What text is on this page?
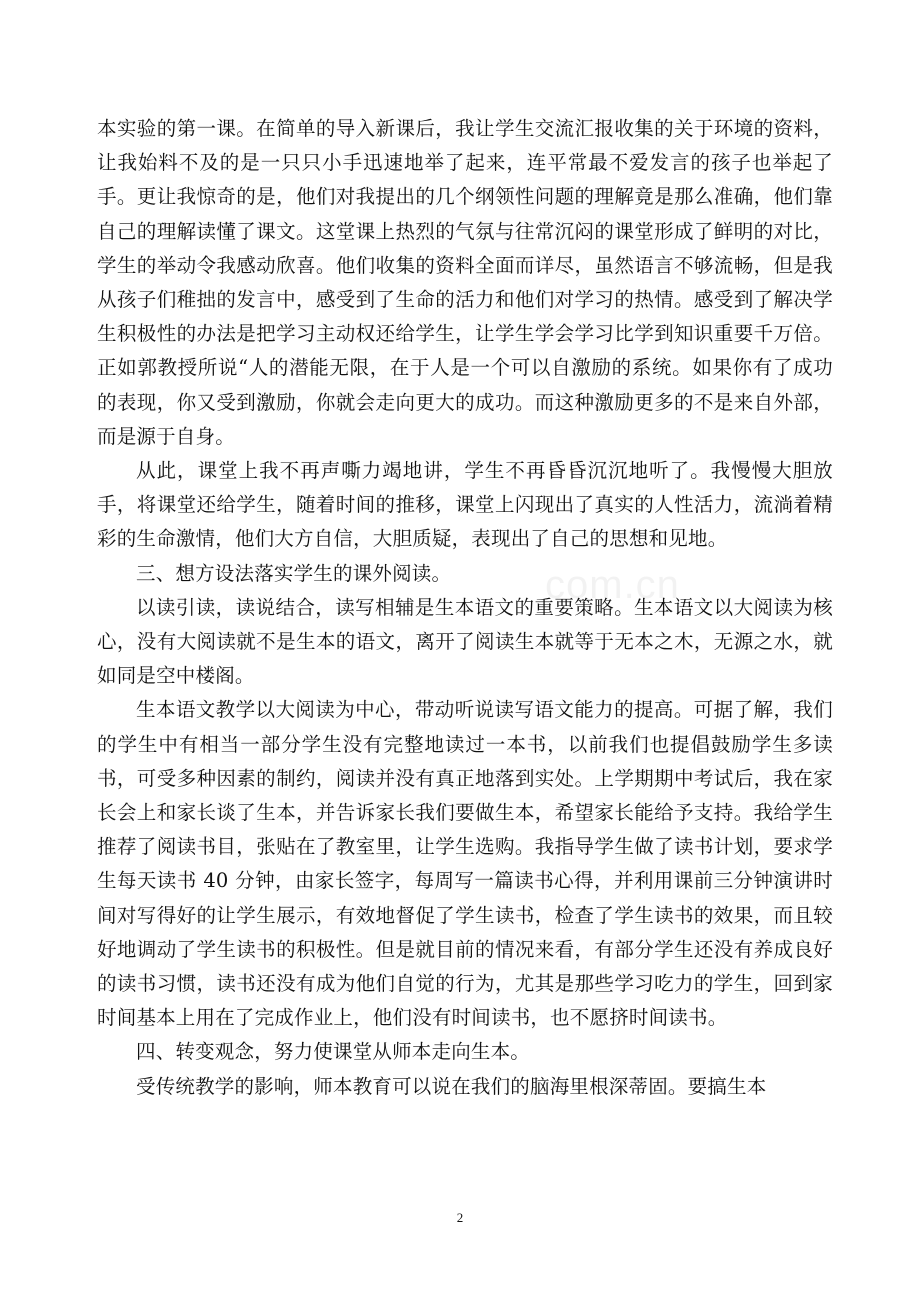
本实验的第一课。在简单的导入新课后，我让学生交流汇报收集的关于环境的资料，让我始料不及的是一只只小手迅速地举了起来，连平常最不爱发言的孩子也举起了手。更让我惊奇的是，他们对我提出的几个纲领性问题的理解竟是那么准确，他们靠自己的理解读懂了课文。这堂课上热烈的气氛与往常沉闷的课堂形成了鲜明的对比，学生的举动令我感动欣喜。他们收集的资料全面而详尽，虽然语言不够流畅，但是我从孩子们稚拙的发言中，感受到了生命的活力和他们对学习的热情。感受到了解决学生积极性的办法是把学习主动权还给学生，让学生学会学习比学到知识重要千万倍。正如郭教授所说“人的潜能无限，在于人是一个可以自激励的系统。如果你有了成功的表现，你又受到激励，你就会走向更大的成功。而这种激励更多的不是来自外部，而是源于自身。

从此，课堂上我不再声嘶力竭地讲，学生不再昏昏沉沉地听了。我慢慢大胆放手，将课堂还给学生，随着时间的推移，课堂上闪现出了真实的人性活力，流淌着精彩的生命激情，他们大方自信，大胆质疑，表现出了自己的思想和见地。

三、想方设法落实学生的课外阅读。

以读引读，读说结合，读写相辅是生本语文的重要策略。生本语文以大阅读为核心，没有大阅读就不是生本的语文，离开了阅读生本就等于无本之木，无源之水，就如同是空中楼阁。

生本语文教学以大阅读为中心，带动听说读写语文能力的提高。可据了解，我们的学生中有相当一部分学生没有完整地读过一本书，以前我们也提倡鼓励学生多读书，可受多种因素的制约，阅读并没有真正地落到实处。上学期期中考试后，我在家长会上和家长谈了生本，并告诉家长我们要做生本，希望家长能给予支持。我给学生推荐了阅读书目，张贴在了教室里，让学生选购。我指导学生做了读书计划，要求学生每天读书 40 分钟，由家长签字，每周写一篇读书心得，并利用课前三分钟演讲时间对写得好的让学生展示，有效地督促了学生读书，检查了学生读书的效果，而且较好地调动了学生读书的积极性。但是就目前的情况来看，有部分学生还没有养成良好的读书习惯，读书还没有成为他们自觉的行为，尤其是那些学习吃力的学生，回到家时间基本上用在了完成作业上，他们没有时间读书，也不愿挤时间读书。

四、转变观念，努力使课堂从师本走向生本。

受传统教学的影响，师本教育可以说在我们的脑海里根深蒂固。要搞生本

com.cn
2
